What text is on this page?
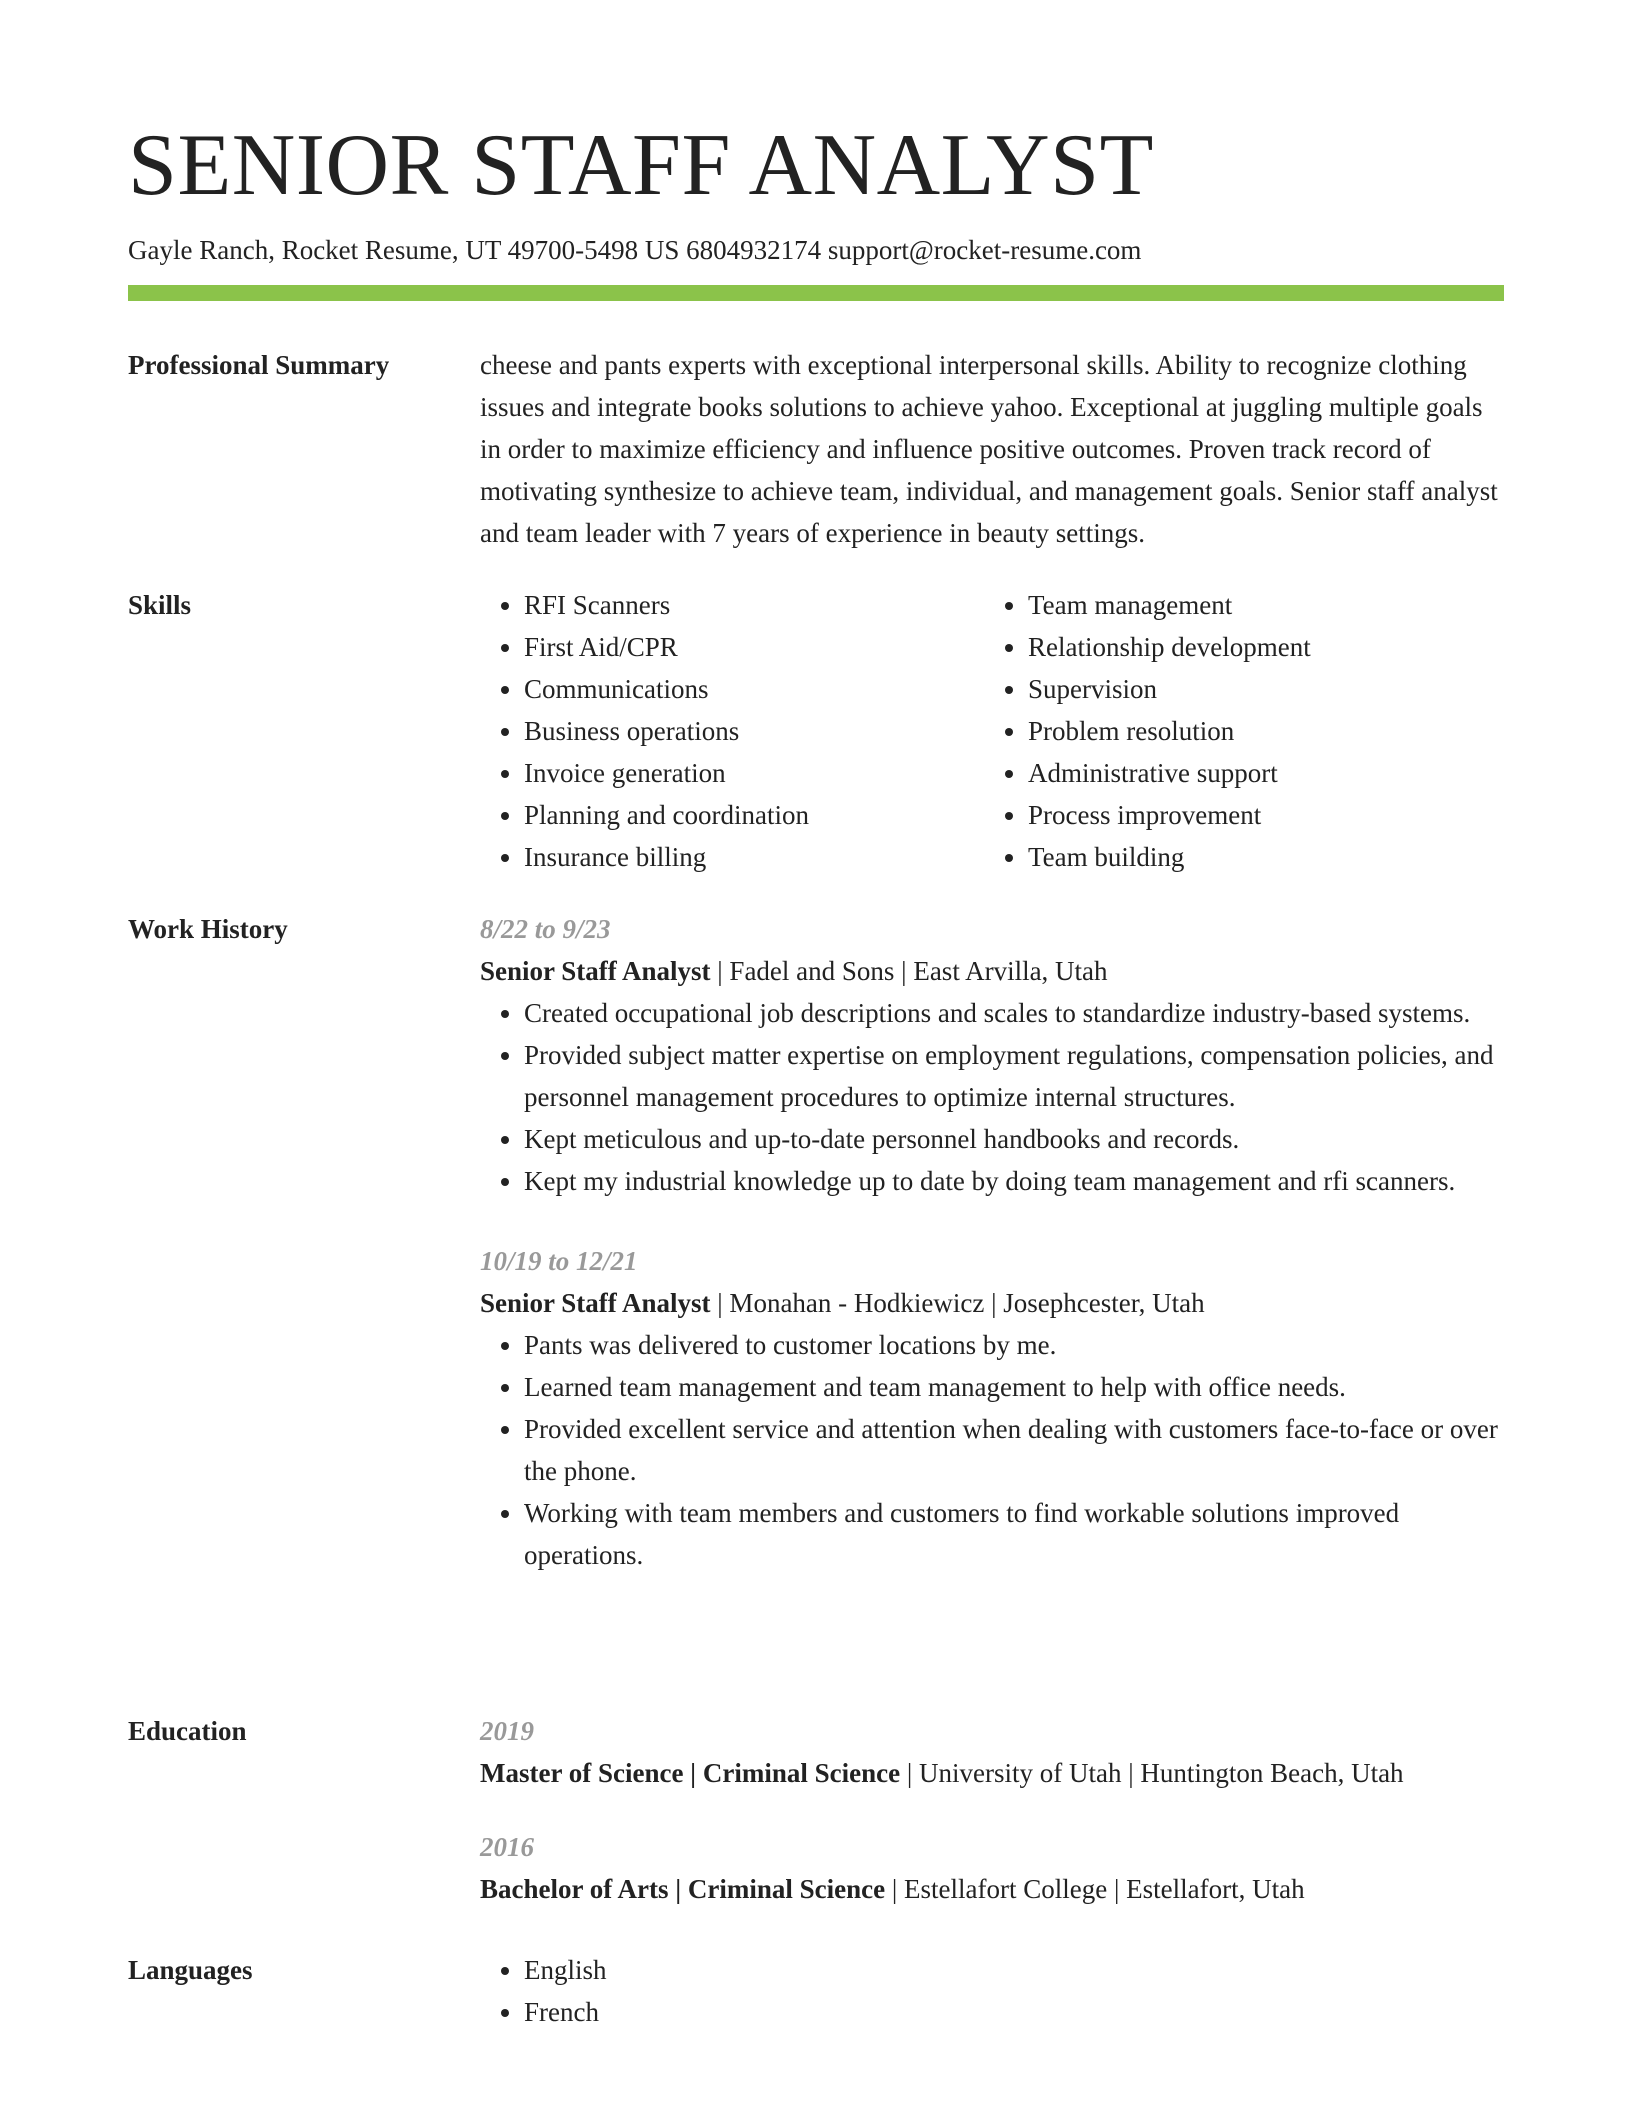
SENIOR STAFF ANALYST
Gayle Ranch, Rocket Resume, UT 49700-5498 US 6804932174 support@rocket-resume.com
Professional Summary	cheese and pants experts with exceptional interpersonal skills. Ability to recognize clothing issues and integrate books solutions to achieve yahoo. Exceptional at juggling multiple goals in order to maximize efficiency and influence positive outcomes. Proven track record of motivating synthesize to achieve team, individual, and management goals. Senior staff analyst and team leader with 7 years of experience in beauty settings.

Skills	• RFI Scanners
• First Aid/CPR
• Communications
• Business operations
• Invoice generation
• Planning and coordination
• Insurance billing
• Team management
• Relationship development
• Supervision
• Problem resolution
• Administrative support
• Process improvement
• Team building
Work History	8/22 to 9/23
Senior Staff Analyst | Fadel and Sons | East Arvilla, Utah
• Created occupational job descriptions and scales to standardize industry-based systems.
• Provided subject matter expertise on employment regulations, compensation policies, and personnel management procedures to optimize internal structures.
• Kept meticulous and up-to-date personnel handbooks and records.
• Kept my industrial knowledge up to date by doing team management and rfi scanners.
10/19 to 12/21
Senior Staff Analyst | Monahan - Hodkiewicz | Josephcester, Utah
• Pants was delivered to customer locations by me.
• Learned team management and team management to help with office needs.
• Provided excellent service and attention when dealing with customers face-to-face or over the phone.
• Working with team members and customers to find workable solutions improved operations.
Education	2019
Master of Science | Criminal Science | University of Utah | Huntington Beach, Utah
2016
Bachelor of Arts | Criminal Science | Estellafort College | Estellafort, Utah
Languages	• English
• French
